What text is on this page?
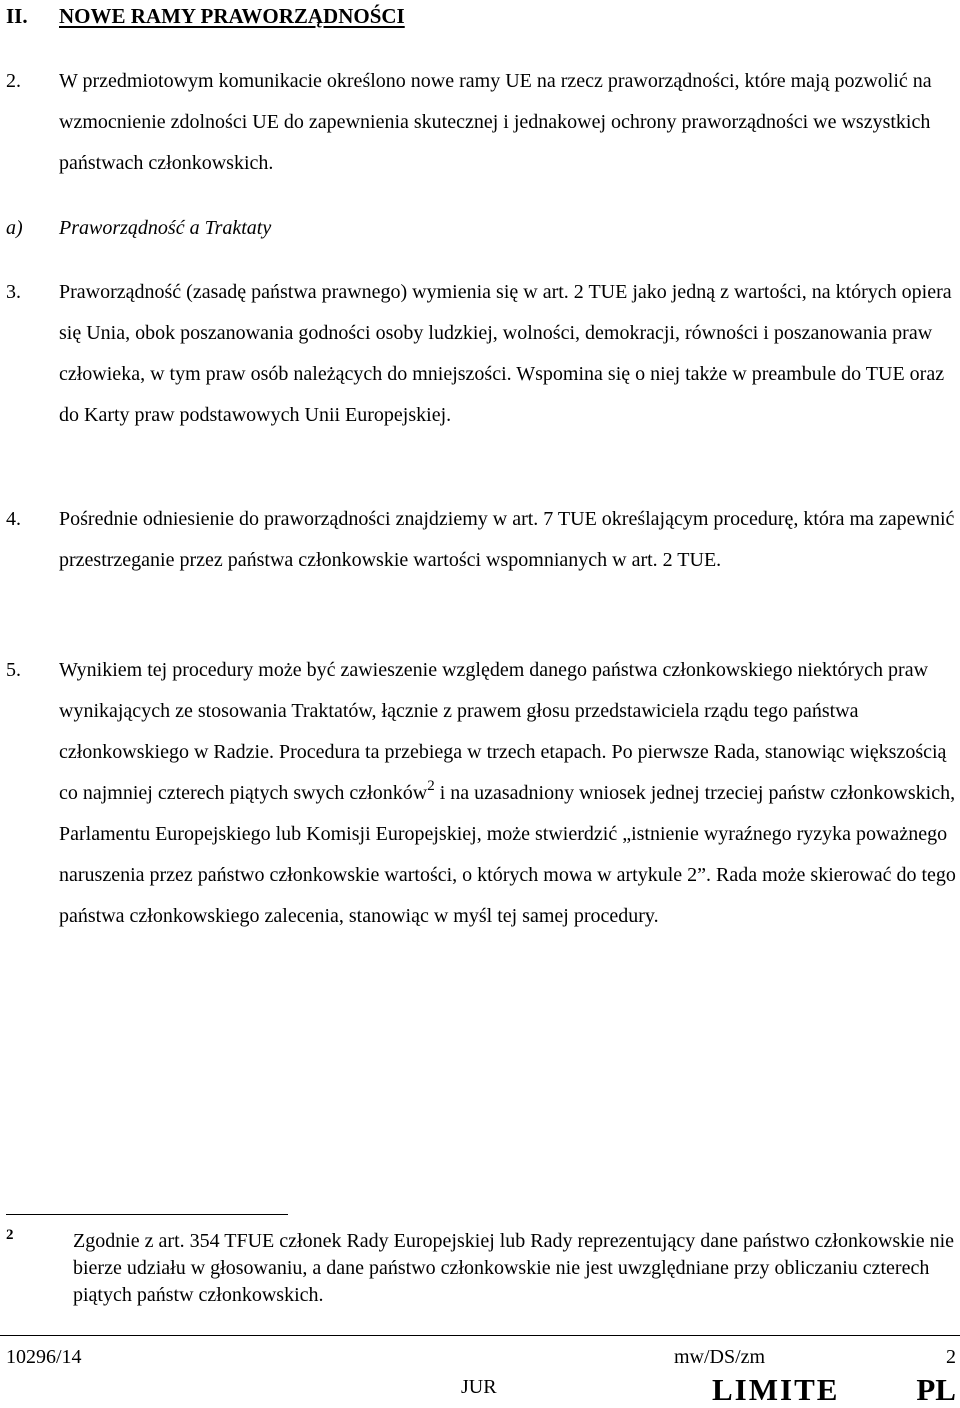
II. NOWE RAMY PRAWORZĄDNOŚCI
2. W przedmiotowym komunikacie określono nowe ramy UE na rzecz praworządności, które mają pozwolić na wzmocnienie zdolności UE do zapewnienia skutecznej i jednakowej ochrony praworządności we wszystkich państwach członkowskich.
a) Praworządność a Traktaty
3. Praworządność (zasadę państwa prawnego) wymienia się w art. 2 TUE jako jedną z wartości, na których opiera się Unia, obok poszanowania godności osoby ludzkiej, wolności, demokracji, równości i poszanowania praw człowieka, w tym praw osób należących do mniejszości. Wspomina się o niej także w preambule do TUE oraz do Karty praw podstawowych Unii Europejskiej.
4. Pośrednie odniesienie do praworządności znajdziemy w art. 7 TUE określającym procedurę, która ma zapewnić przestrzeganie przez państwa członkowskie wartości wspomnianych w art. 2 TUE.
5. Wynikiem tej procedury może być zawieszenie względem danego państwa członkowskiego niektórych praw wynikających ze stosowania Traktatów, łącznie z prawem głosu przedstawiciela rządu tego państwa członkowskiego w Radzie. Procedura ta przebiega w trzech etapach. Po pierwsze Rada, stanowiąc większością co najmniej czterech piątych swych członków$^2$ i na uzasadniony wniosek jednej trzeciej państw członkowskich, Parlamentu Europejskiego lub Komisji Europejskiej, może stwierdzić „istnienie wyraźnego ryzyka poważnego naruszenia przez państwo członkowskie wartości, o których mowa w artykule 2”. Rada może skierować do tego państwa członkowskiego zalecenia, stanowiąc w myśl tej samej procedury.
2	Zgodnie z art. 354 TFUE członek Rady Europejskiej lub Rady reprezentujący dane państwo członkowskie nie bierze udziału w głosowaniu, a dane państwo członkowskie nie jest uwzględniane przy obliczaniu czterech piątych państw członkowskich.
10296/14	mw/DS/zm	2
JUR	LIMITE PL
